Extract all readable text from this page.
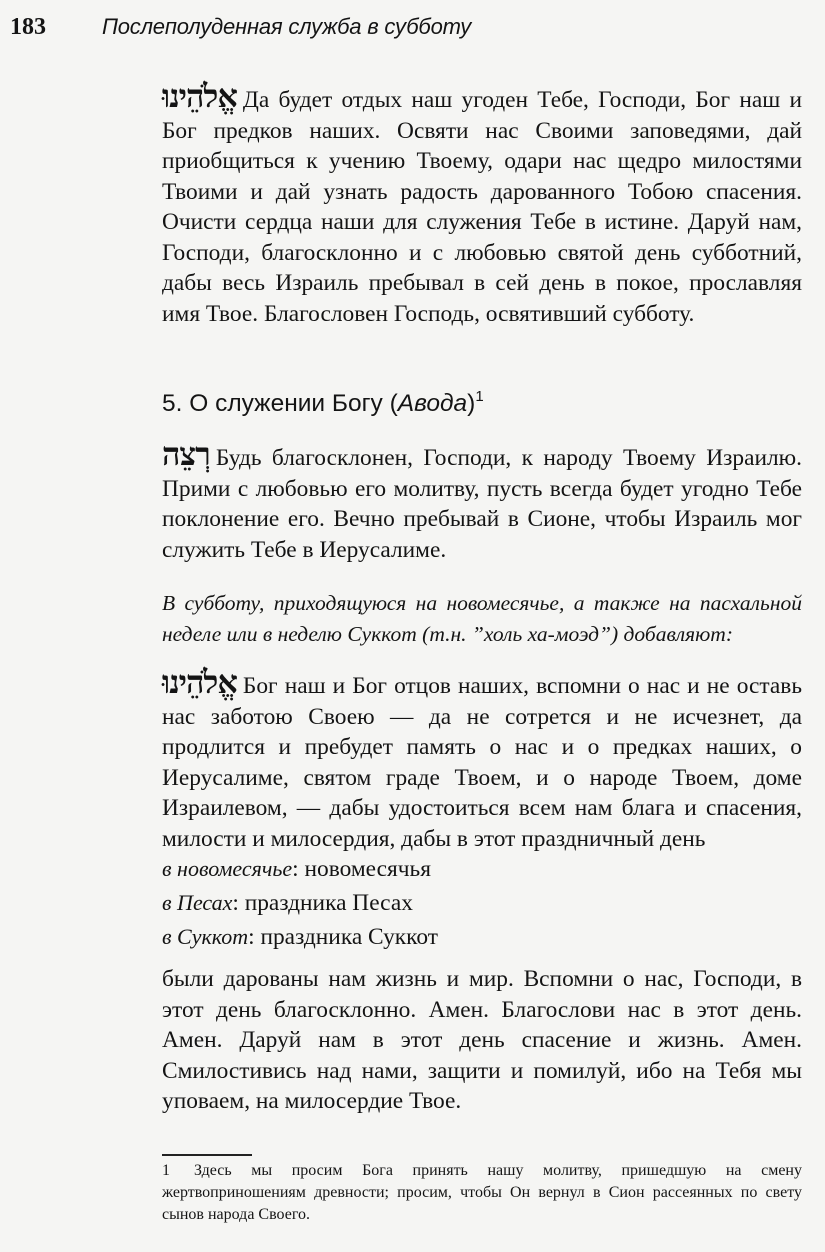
183	Послеполуденная служба в субботу

אֱלֹהֵינוּ Да будет отдых наш угоден Тебе, Господи, Бог наш и Бог предков наших. Освяти нас Своими заповедями, дай приобщиться к учению Твоему, одари нас щедро милостями Твоими и дай узнать радость дарованного Тобою спасения. Очисти сердца наши для служения Тебе в истине. Даруй нам, Господи, благосклонно и с любовью святой день субботний, дабы весь Израиль пребывал в сей день в покое, прославляя имя Твое. Благословен Господь, освятивший субботу.

5. О служении Богу (Авода)$^1$

רְצֵה Будь благосклонен, Господи, к народу Твоему Израилю. Прими с любовью его молитву, пусть всегда будет угодно Тебе поклонение его. Вечно пребывай в Сионе, чтобы Израиль мог служить Тебе в Иерусалиме.

В субботу, приходящуюся на новомесячье, а также на пасхальной неделе или в неделю Суккот (т.н. ”холь ха-моэд”) добавляют:

אֱלֹהֵינוּ Бог наш и Бог отцов наших, вспомни о нас и не оставь нас заботою Своею — да не сотрется и не исчезнет, да продлится и пребудет память о нас и о предках наших, о Иерусалиме, святом граде Твоем, и о народе Твоем, доме Израилевом, — дабы удостоиться всем нам блага и спасения, милости и милосердия, дабы в этот праздничный день

в новомесячье: новомесячья

в Песах: праздника Песах

в Суккот: праздника Суккот

были дарованы нам жизнь и мир. Вспомни о нас, Господи, в этот день благосклонно. Амен. Благослови нас в этот день. Амен. Даруй нам в этот день спасение и жизнь. Амен. Смилостивись над нами, защити и помилуй, ибо на Тебя мы уповаем, на милосердие Твое.

1 Здесь мы просим Бога принять нашу молитву, пришедшую на смену жертвоприношениям древности; просим, чтобы Он вернул в Сион рассеянных по свету сынов народа Своего.
